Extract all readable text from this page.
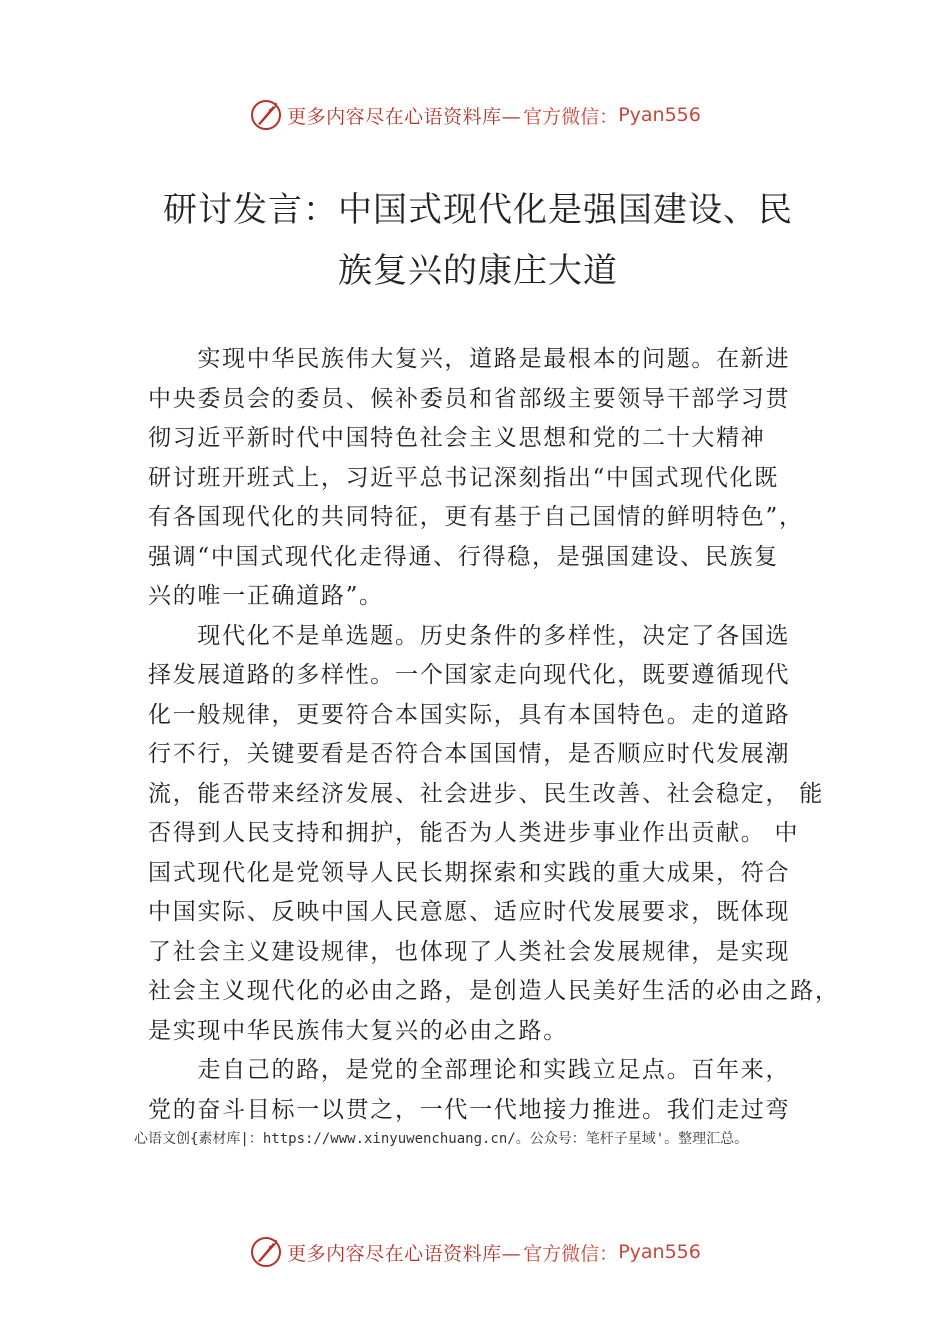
更多内容尽在心语资料库— 官方微信： Pyan556
研讨发言：中国式现代化是强国建设、民
族复兴的康庄大道
　　实现中华民族伟大复兴，道路是最根本的问题。在新进
中央委员会的委员、候补委员和省部级主要领导干部学习贯
彻习近平新时代中国特色社会主义思想和党的二十大精神
研讨班开班式上，习近平总书记深刻指出“中国式现代化既
有各国现代化的共同特征，更有基于自己国情的鲜明特色”，
强调“中国式现代化走得通、行得稳，是强国建设、民族复
兴的唯一正确道路”。
　　现代化不是单选题。历史条件的多样性，决定了各国选
择发展道路的多样性。一个国家走向现代化，既要遵循现代
化一般规律，更要符合本国实际，具有本国特色。走的道路
行不行，关键要看是否符合本国国情，是否顺应时代发展潮
流，能否带来经济发展、社会进步、民生改善、社会稳定， 能
否得到人民支持和拥护，能否为人类进步事业作出贡献。 中
国式现代化是党领导人民长期探索和实践的重大成果，符合
中国实际、反映中国人民意愿、适应时代发展要求，既体现
了社会主义建设规律，也体现了人类社会发展规律，是实现
社会主义现代化的必由之路，是创造人民美好生活的必由之路，
是实现中华民族伟大复兴的必由之路。
　　走自己的路，是党的全部理论和实践立足点。百年来，
党的奋斗目标一以贯之，一代一代地接力推进。我们走过弯
心语文创{素材库|：https://www.xinyuwenchuang.cn/。公众号：笔杆子星域'。整理汇总。
更多内容尽在心语资料库— 官方微信： Pyan556
